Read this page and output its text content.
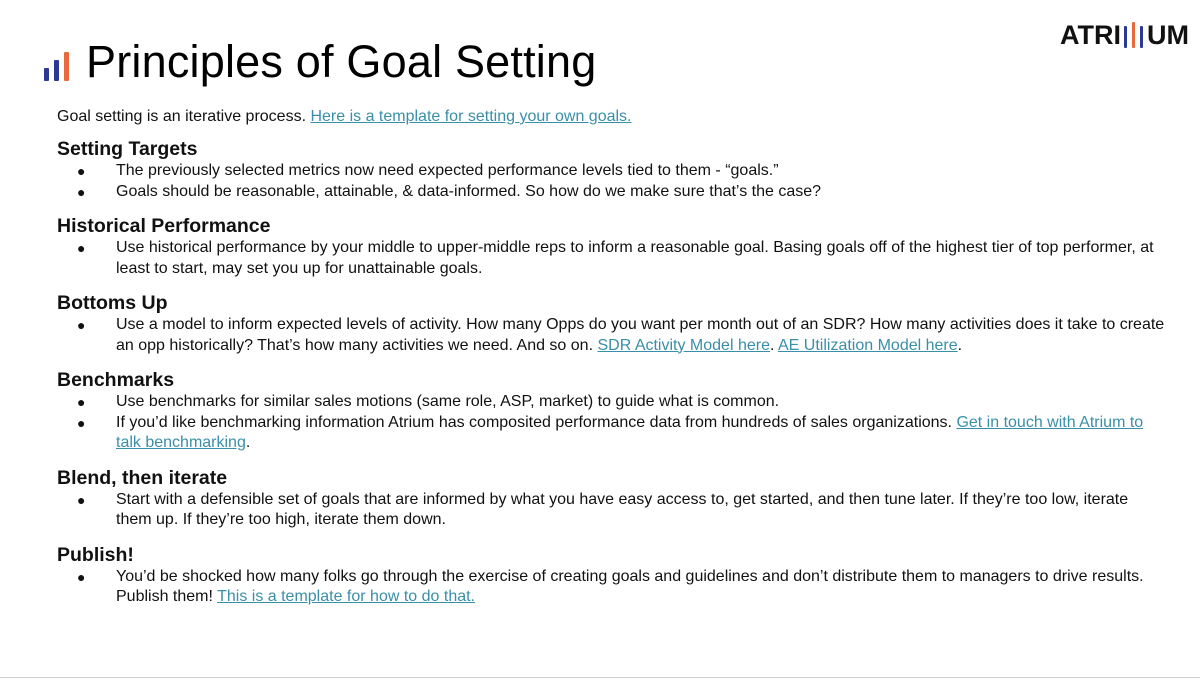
Principles of Goal Setting
ATRI UM

Goal setting is an iterative process. Here is a template for setting your own goals.

Setting Targets
● The previously selected metrics now need expected performance levels tied to them - “goals.”
● Goals should be reasonable, attainable, & data-informed. So how do we make sure that’s the case?
Historical Performance
● Use historical performance by your middle to upper-middle reps to inform a reasonable goal. Basing goals off of the highest tier of top performer, at least to start, may set you up for unattainable goals.
Bottoms Up
● Use a model to inform expected levels of activity. How many Opps do you want per month out of an SDR? How many activities does it take to create an opp historically? That’s how many activities we need. And so on. SDR Activity Model here. AE Utilization Model here.
Benchmarks
● Use benchmarks for similar sales motions (same role, ASP, market) to guide what is common.
● If you’d like benchmarking information Atrium has composited performance data from hundreds of sales organizations. Get in touch with Atrium to talk benchmarking.
Blend, then iterate
● Start with a defensible set of goals that are informed by what you have easy access to, get started, and then tune later. If they’re too low, iterate them up. If they’re too high, iterate them down.
Publish!
● You’d be shocked how many folks go through the exercise of creating goals and guidelines and don’t distribute them to managers to drive results. Publish them! This is a template for how to do that.
